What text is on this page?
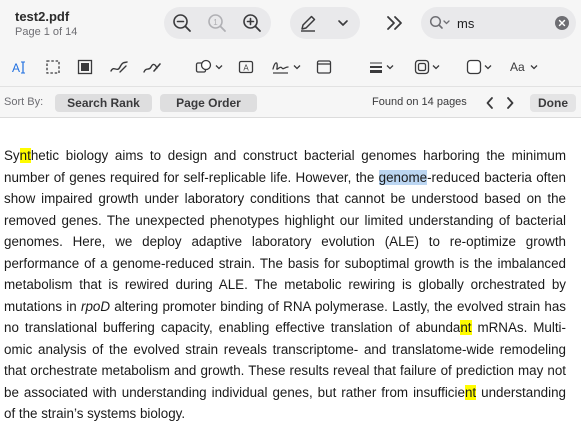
test2.pdf
Page 1 of 14
1
ms
A	A	Aa
Sort By:	Search Rank	Page Order	Found on 14 pages	Done

Synthetic biology aims to design and construct bacterial genomes harboring the minimum number of genes required for self-replicable life. However, the genome-reduced bacteria often show impaired growth under laboratory conditions that cannot be understood based on the removed genes. The unexpected phenotypes highlight our limited understanding of bacterial genomes. Here, we deploy adaptive laboratory evolution (ALE) to re-optimize growth performance of a genome-reduced strain. The basis for suboptimal growth is the imbalanced metabolism that is rewired during ALE. The metabolic rewiring is globally orchestrated by mutations in rpoD altering promoter binding of RNA polymerase. Lastly, the evolved strain has no translational buffering capacity, enabling effective translation of abundant mRNAs. Multi-omic analysis of the evolved strain reveals transcriptome- and translatome-wide remodeling that orchestrate metabolism and growth. These results reveal that failure of prediction may not be associated with understanding individual genes, but rather from insufficient understanding of the strain’s systems biology.
